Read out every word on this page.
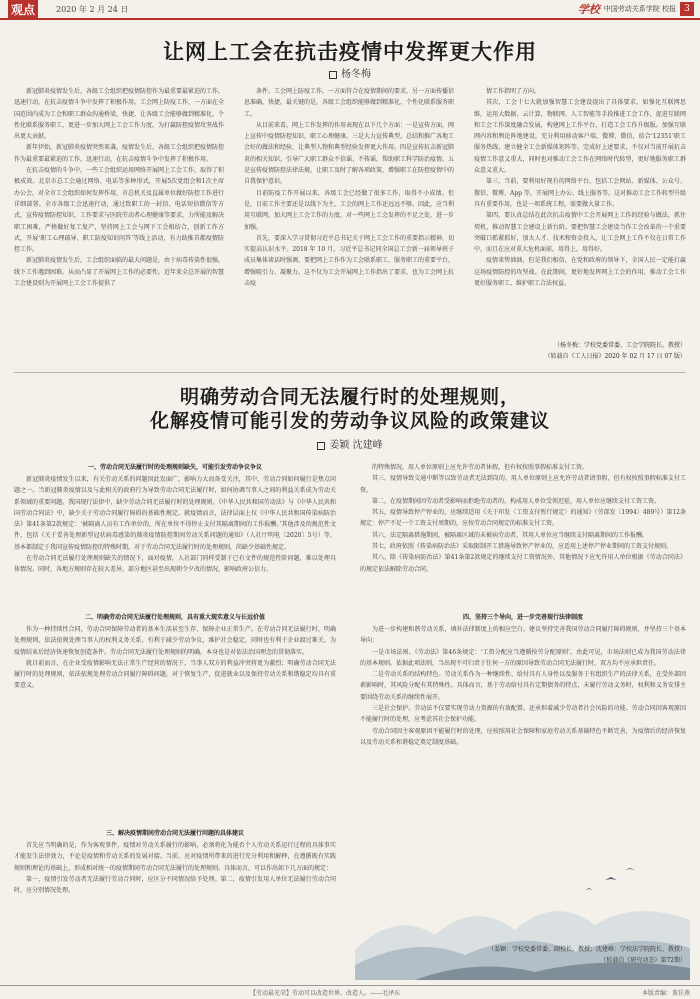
观点	2020 年 2 月 24 日	学校 中国劳动关系学院 校报 3
让网上工会在抗击疫情中发挥更大作用
杨冬梅

新冠肺炎疫情发生后，各级工会组织把疫情防控作为最重要最紧迫的工作，迅速行动，在抗击疫情斗争中发挥了积极作用。工会网上防疫工作，一方面在全国范围内成为工会和职工群众沟通桥梁，快捷，让各级工会能够做到精准化，个性化联系服务职工，更进一步加大网上工会工作力度，为打赢防控疫情攻坚战作出更大贡献。

新年伊始，新冠肺炎疫情突然来袭。疫情发生后，各级工会组织把疫情防控作为最重要最紧迫的工作，迅速行动，在抗击疫情斗争中发挥了积极作用。

在抗击疫情的斗争中，一些工会组织运用网络开展网上工会工作，取得了积极成效。北京市总工会通过网络、电话等多种形式，开展5次党组会和1次主席办公会，对全市工会组织如何发挥作用，市总机关及直属单位做好防控工作进行详细部署。全市各级工会迅速行动，通过致职工的一封信、电话短信微信等方式，宣传疫情防控知识，工作要求与医院劳动者心理健康等要求，力所能及解决职工困难，严格做好复工复产，坚持网上工会与网下工会相结合，创新工作方式，开展‘职工心理疏导、职工防疫知识问答’等线上活动，有力助推首都疫情防控工作。

新冠肺炎疫情发生后，工会组织面临的最大问题是，由于病毒传染性很强，线下工作遇到困难。从而凸显了开展网上工作的必要性。近年来全总开展的智慧工会建设则为开展网上工会工作提供了

条件。工会网上防疫工作，一方面符合在疫情期间的要求，另一方面传播信息准确，快捷，最关键的是，各级工会组织能够做到精准化、个性化联系服务职工。

从目前来看，网上工作发挥的作用表现在以下几个方面：一是宣传方面，网上宣传中疫情防控知识，职工心理健康。三是大力宣传典型，总结和推广各地工会好的做法和经验，让典型人物和典型经验发挥更大作用。四是宣传抗击新冠肺炎的相关知识，引导广大职工群众不信谣、不传谣，帮助职工科学防治疫情。五是宣传疫情防控法律法规，让职工及时了解各项政策，增强职工在防控疫情中的自我保护意识。

目前防疫工作开展以来，各级工会已经做了很多工作，取得不小成绩。但是，目前工作主要还是以线下为主，工会的网上工作还远远不够。因此，应当利用互联网，加大网上工会工作的力度，对一些网上工会发挥的不足之处，进一步加强。

首先，要深入学习贯彻习近平总书记关于网上工会工作的重要指示精神，切实提高认识水平。2018 年 10 月，习近平总书记同全国总工会新一届领导班子成员集体谈话时强调，要把网上工作作为工会联系职工、服务职工的重要平台，增强吸引力、凝聚力。这不仅为工会开展网上工作指出了要求，也为工会网上抗击疫

情工作指明了方向。

其次，工会十七大就加强智慧工会建设提出了具体要求，如强化互联网思维，运用大数据、云计算、物联网、人工智能等手段推进工会工作，促进互联网和工会工作深度融合发展，构建网上工作平台，打造工会工作升级版。加强互联网内容和舆论阵地建设，充分利用移动客户端、微博、微信，结合‘12351’职工服务热线，建立健全工会新媒体矩阵等。完成好上述要求，不仅对当前开展抗击疫情工作意义重大，同时也对推动工会工作在网络时代转型，更好地服务职工群众意义重大。

第三，当前，要利用好现有的网络平台，包括工会网站、新媒体、公众号、微信、微博、App 等，开展网上办公、线上服务等。这对推动工会工作转型升级具有重要作用，也是一项系统工程，需要做大量工作。

第四，要认真总结在此次抗击疫情中工会开展网上工作的经验与做法，抓住契机，推动智慧工会建设上新台阶。要把智慧工会建设当作工会改革的一个重要突破口抓紧抓好，加大人才、技术和资金投入，让工会网上工作不仅在日常工作中，而且在应对重大危机面前，用得上，用得好。

疫情来势汹汹，但是我们相信，在党和政府的领导下，全国人民一定能打赢这场疫情防控的攻坚战。在此期间，更好地发挥网上工会的作用，推动工会工作更好服务职工，维护职工合法权益。

（杨冬梅：学校党委常委、工会学院院长、教授）
（转载自《工人日报》2020 年 02 月 17 日 07 版）
明确劳动合同无法履行时的处理规则，
化解疫情可能引发的劳动争议风险的政策建议
姜颖 沈建峰
一、劳动合同无法履行时的处理规则缺失，可能引发劳动争议争议

新冠肺炎疫情发生以来，有关劳动关系的问题因此发面广，影响力大而备受关注，其中，劳动合同如何履行是焦点问题之一。当新冠肺炎疫情以及与此相关的政府行为导致劳动合同无法履行时，如何协调当事人之间的利益关系成为劳动关系领域的重要问题。我国现行法律中，缺少劳动合同无法履行时的处理规则。《中华人民共和国劳动法》与《中华人民共和国劳动合同法》中，缺少关于劳动合同履行障碍的基础性规定。就疫情而言，法律层面上仅《中华人民共和国传染病防治法》第41条第2款规定：‘被隔离人员有工作单位的，所在单位不得停止支付其隔离期间的工作报酬。’其他涉及的规范性文件，包括《关于妥善处理新型冠状病毒感染的肺炎疫情防控期间劳动关系问题的通知》（人社厅明电〔2020〕5号）等，基本都制定于我国宣传疫情防控的特殊时期，对于劳动合同无法履行时的处理规则，尚缺少基础性规定。

在劳动合同无法履行处理规则缺失的情况下，面对疫情，人社部门同样受制于已有文件的规范性阶问题，难以处理具体情况。同时，各地方规则存在较大差异，部分地区甚至出现朝令夕改的情况，影响政府公信力。

二、明确劳动合同无法履行处理规则，具有重大现实意义与长远价值

作为一种持续性合同，劳动合同保障劳动者的基本生活甚至生存，保障企业正常生产。在劳动合同无法履行时，明确处理规则，依法依规处理当事人的权利义务关系，有利于减少劳动争议，维护社会稳定，同时也有利于企业渡过难关，为疫情结束后经济快速恢复创造条件。劳动合同无法履行处理规则的明确，本身也是对依法治国理念的贯彻落实。

就目前而言，在企业受疫情影响无法正常生产经营的情况下，当事人双方的利益冲突将更为激烈；明确劳动合同无法履行时的处理规则，依法依规处理劳动合同履行障碍问题，对于恢复生产，促进就业以及保持劳动关系和谐稳定均具有重要意义。

三、解决疫情期间劳动合同无法履行问题的具体建议

首先应当明确的是，作为客观事件，疫情对劳动关系履行的影响，必须将化为能否个人劳动关系运行过程的具体事实才能发生法律效力，不论是疫情和劳动关系的发展对接。当前，应对疫情所带来的进行充分利用和解释，在遵循既有实践规则和理论的基础上，形成相对统一的疫情期间劳动合同无法履行的处理规则。具体而言，可以作出如下几方面的规定：

第一，疫情引发劳动者无法履行劳动合同时，应区分不同情况给予处理。第二，疫情引发用人单位无法履行劳动合同时，应分别情况处理。

的特殊情况，用人单位原则上应允许劳动者休假，但有权按照事假标准支付工资。

其三，疫情导致交通中断等以致劳动者无法到岗的，用人单位原则上应允许劳动者请事假，但有权按照事假标准支付工资。

第二，在疫情期间因劳动者受影响而拒绝劳动者的，构成用人单位受领迟延，用人单位应继续支付工资工资。

其五，疫情导致停产停业的，应继续适用《关于印发〈工资支付暂行规定〉的通知》（劳部发〔1994〕489号）第12条规定：停产不足一个工资支付周期的，应按劳动合同规定的标准支付工资。

其六，法定隔离措施期间，被隔离区域的未被病劳动者，其用人单位应当继续支付隔离期间的工作报酬。

其七，政府依照《传染病防治法》采取限制开工措施导致停产停业的，应适用上述停产停业期间的工资支付规则。

其八，除《传染病防治法》第41条第2款规定的继续支付工资情况外，其他情况下应允许用人单位根据《劳动合同法》的规定依法解除劳动合同。

四、坚持三个导向，进一步完善现行法律制度

为进一步构建和谐劳动关系，填补法律制度上的相应空白，建议坚持完善我国劳动合同履行障碍规则，并坚持三个基本导向：

一是市场法则。《劳动法》第46条规定：‘工资分配应当遵循按劳分配原则’。由此可见，市场法则已成为我国劳动法律的基本规则。依据此项法则，当出现不可归责于任何一方的原因导致劳动合同无法履行时，双方均不应承担责任。

二是劳动关系的结构特色。劳动关系作为一种继续性、给付具有人身性以及服务于有组织生产的法律关系，在受外部因素影响时，其风险分配有其特殊性。具体而言，基于劳动给付具有定期债务的特点，未履行劳动义务时，权利和义务安排主要围绕劳动关系的继续性展开。

三是社会保护。劳动法不仅要实现劳动力资源的有效配置，还承担着减少劳动者社会风险的功能。劳动合同因客观原因不能履行时的处理，应考虑其社会保护功能。

劳动合同因主客观原因不能履行时的处理，应按照用社会保障和家庭劳动关系基础特色不断完善，为疫情后的经济恢复以及劳动关系和谐稳定奠定制度基础。

（姜颖：学校党委常委、副校长、教授；沈建峰：学校法学院院长、教授）
（转载自《研究动态》第72期）
【劳动最光荣】劳动可以改造世界，改造人。——毛泽东	本版责编：董佳燕
